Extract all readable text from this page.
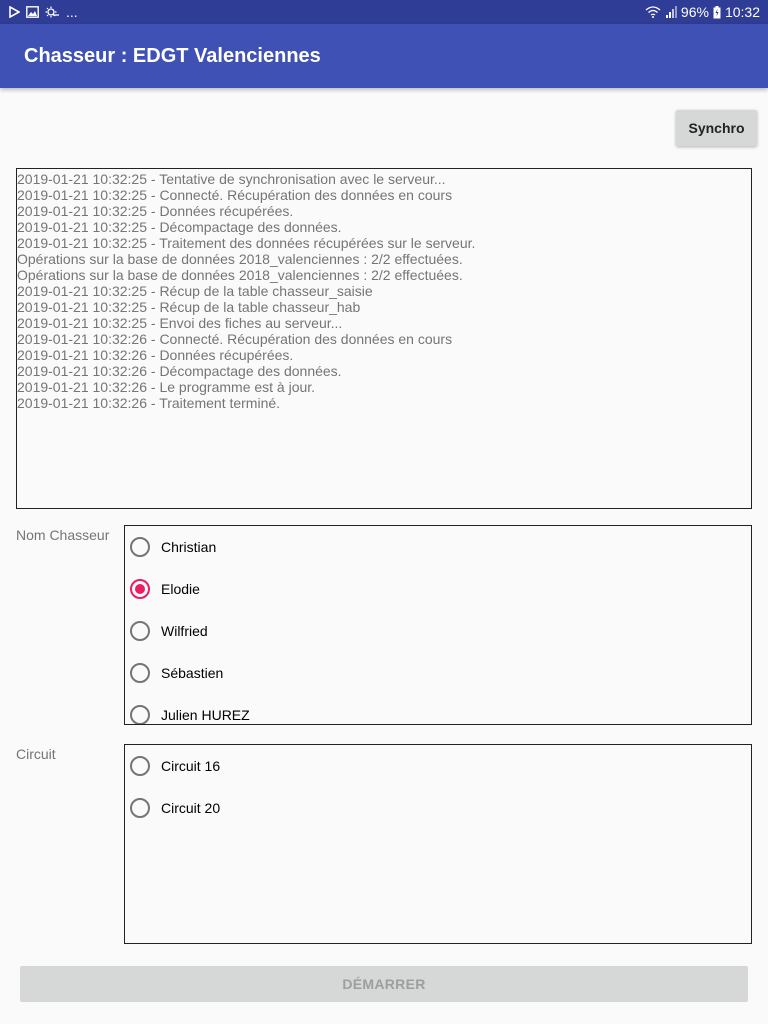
...	96% 10:32
Chasseur : EDGT Valenciennes
Synchro
2019-01-21 10:32:25 - Tentative de synchronisation avec le serveur...
2019-01-21 10:32:25 - Connecté. Récupération des données en cours
2019-01-21 10:32:25 - Données récupérées.
2019-01-21 10:32:25 - Décompactage des données.
2019-01-21 10:32:25 - Traitement des données récupérées sur le serveur.
Opérations sur la base de données 2018_valenciennes : 2/2 effectuées.
Opérations sur la base de données 2018_valenciennes : 2/2 effectuées.
2019-01-21 10:32:25 - Récup de la table chasseur_saisie
2019-01-21 10:32:25 - Récup de la table chasseur_hab
2019-01-21 10:32:25 - Envoi des fiches au serveur...
2019-01-21 10:32:26 - Connecté. Récupération des données en cours
2019-01-21 10:32:26 - Données récupérées.
2019-01-21 10:32:26 - Décompactage des données.
2019-01-21 10:32:26 - Le programme est à jour.
2019-01-21 10:32:26 - Traitement terminé.
Nom Chasseur
Christian
Elodie
Wilfried
Sébastien
Julien HUREZ
Circuit
Circuit 16
Circuit 20
DÉMARRER
